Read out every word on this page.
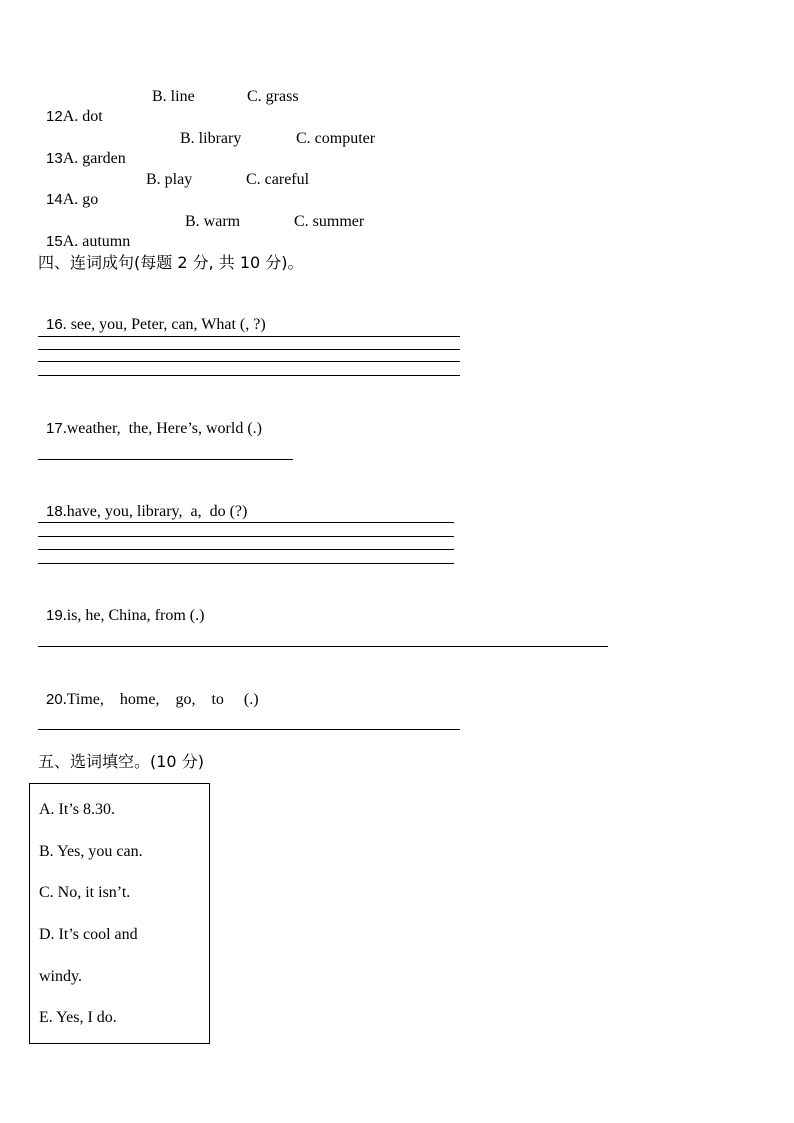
12A. dot

B. line

	C. grass

13A. garden

B. library

	C. computer

14A. go

B. play

	C. careful

15A. autumn

B. warm

	C. summer

四、连词成句(每题 2 分, 共 10 分)。

16. see, you, Peter, can, What (, ?)

17.weather,  the, Here’s, world (.)

18.have, you, library,  a,  do (?)

19.is, he, China, from (.)

20.Time,    home,    go,    to     (.)

五、选词填空。(10 分)
A. It’s 8.30.
B. Yes, you can.
C. No, it isn’t.
D. It’s cool and
windy.
E. Yes, I do.
